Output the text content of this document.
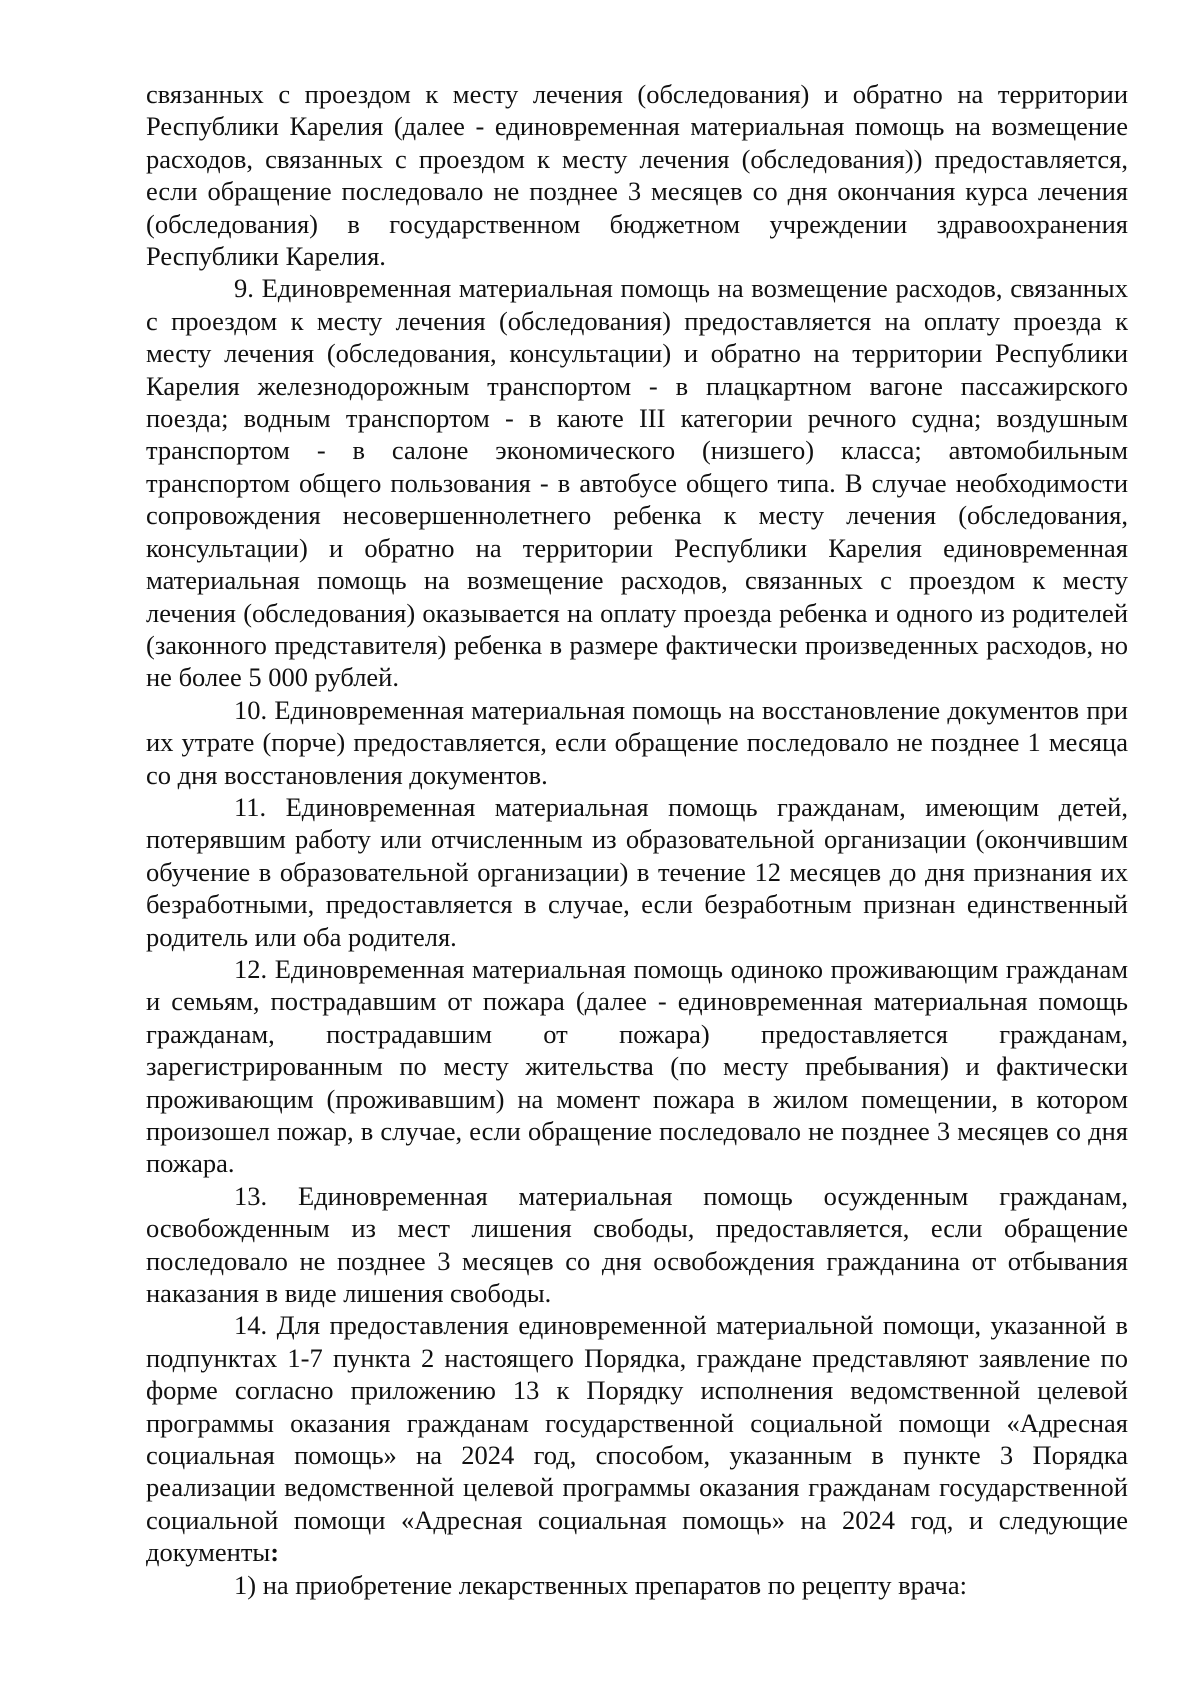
связанных с проездом к месту лечения (обследования) и обратно на территории Республики Карелия (далее - единовременная материальная помощь на возмещение расходов, связанных с проездом к месту лечения (обследования)) предоставляется, если обращение последовало не позднее 3 месяцев со дня окончания курса лечения (обследования) в государственном бюджетном учреждении здравоохранения Республики Карелия.

9. Единовременная материальная помощь на возмещение расходов, связанных с проездом к месту лечения (обследования) предоставляется на оплату проезда к месту лечения (обследования, консультации) и обратно на территории Республики Карелия железнодорожным транспортом - в плацкартном вагоне пассажирского поезда; водным транспортом - в каюте III категории речного судна; воздушным транспортом - в салоне экономического (низшего) класса; автомобильным транспортом общего пользования - в автобусе общего типа. В случае необходимости сопровождения несовершеннолетнего ребенка к месту лечения (обследования, консультации) и обратно на территории Республики Карелия единовременная материальная помощь на возмещение расходов, связанных с проездом к месту лечения (обследования) оказывается на оплату проезда ребенка и одного из родителей (законного представителя) ребенка в размере фактически произведенных расходов, но не более 5 000 рублей.

10. Единовременная материальная помощь на восстановление документов при их утрате (порче) предоставляется, если обращение последовало не позднее 1 месяца со дня восстановления документов.

11. Единовременная материальная помощь гражданам, имеющим детей, потерявшим работу или отчисленным из образовательной организации (окончившим обучение в образовательной организации) в течение 12 месяцев до дня признания их безработными, предоставляется в случае, если безработным признан единственный родитель или оба родителя.

12. Единовременная материальная помощь одиноко проживающим гражданам и семьям, пострадавшим от пожара (далее - единовременная материальная помощь гражданам, пострадавшим от пожара) предоставляется гражданам, зарегистрированным по месту жительства (по месту пребывания) и фактически проживающим (проживавшим) на момент пожара в жилом помещении, в котором произошел пожар, в случае, если обращение последовало не позднее 3 месяцев со дня пожара.

13. Единовременная материальная помощь осужденным гражданам, освобожденным из мест лишения свободы, предоставляется, если обращение последовало не позднее 3 месяцев со дня освобождения гражданина от отбывания наказания в виде лишения свободы.

14. Для предоставления единовременной материальной помощи, указанной в подпунктах 1-7 пункта 2 настоящего Порядка, граждане представляют заявление по форме согласно приложению 13 к Порядку исполнения ведомственной целевой программы оказания гражданам государственной социальной помощи «Адресная социальная помощь» на 2024 год, способом, указанным в пункте 3 Порядка реализации ведомственной целевой программы оказания гражданам государственной социальной помощи «Адресная социальная помощь» на 2024 год, и следующие документы:

1) на приобретение лекарственных препаратов по рецепту врача:
